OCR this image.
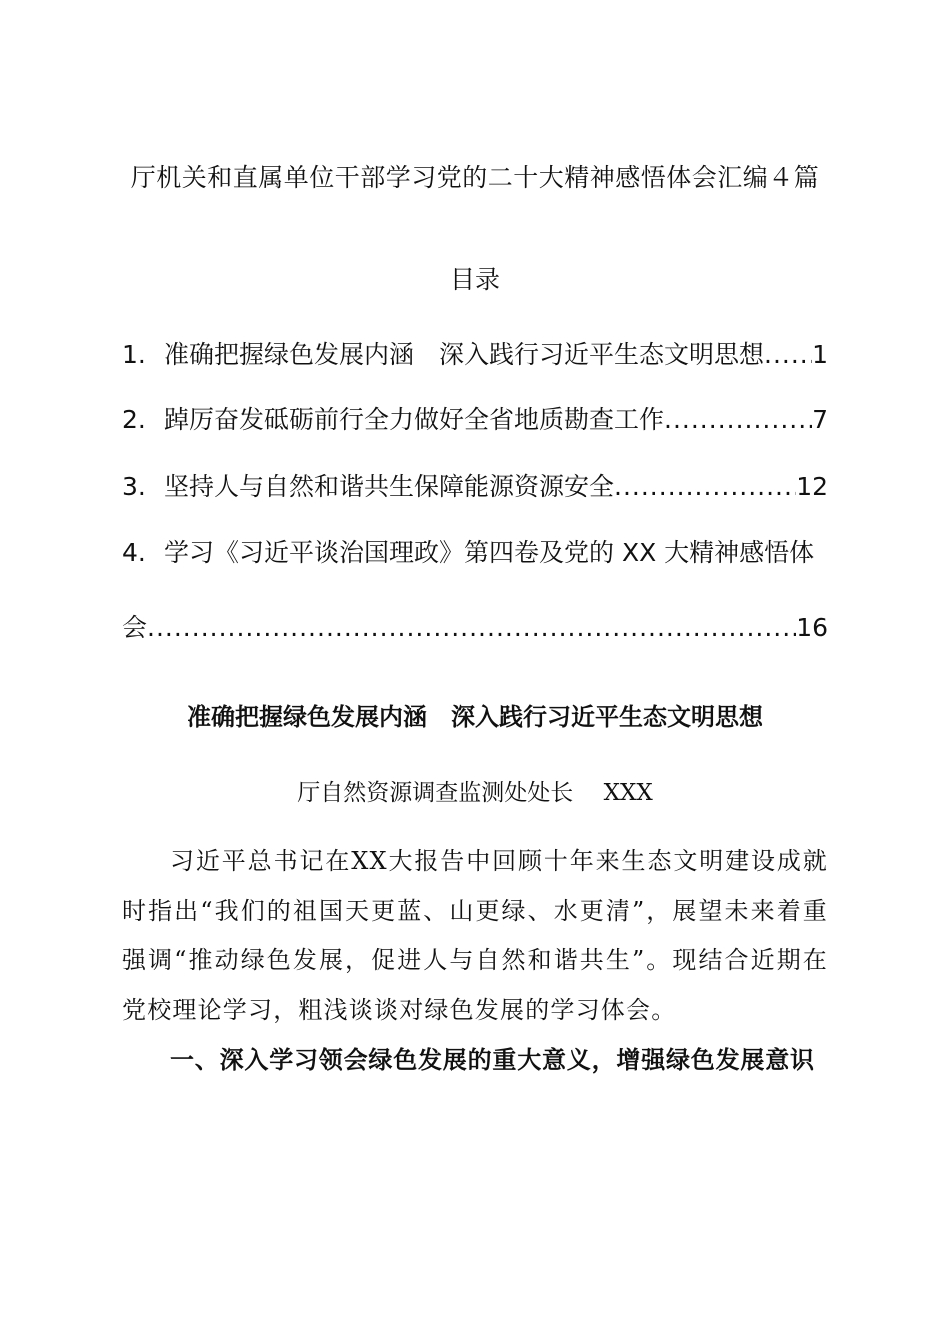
厅机关和直属单位干部学习党的二十大精神感悟体会汇编４篇
目录
1. 准确把握绿色发展内涵　深入践行习近平生态文明思想 ..... 1
2. 踔厉奋发砥砺前行全力做好全省地质勘查工作 .....	7
3. 坚持人与自然和谐共生保障能源资源安全 .....	12
4. 学习《习近平谈治国理政》第四卷及党的 XX 大精神感悟体
会 .....	16
准确把握绿色发展内涵　深入践行习近平生态文明思想
厅自然资源调查监测处处长　 XXX
习近平总书记在XX大报告中回顾十年来生态文明建设成就时指出“我们的祖国天更蓝、山更绿、水更清”，展望未来着重强调“推动绿色发展，促进人与自然和谐共生”。现结合近期在党校理论学习，粗浅谈谈对绿色发展的学习体会。
一、深入学习领会绿色发展的重大意义，增强绿色发展意识
